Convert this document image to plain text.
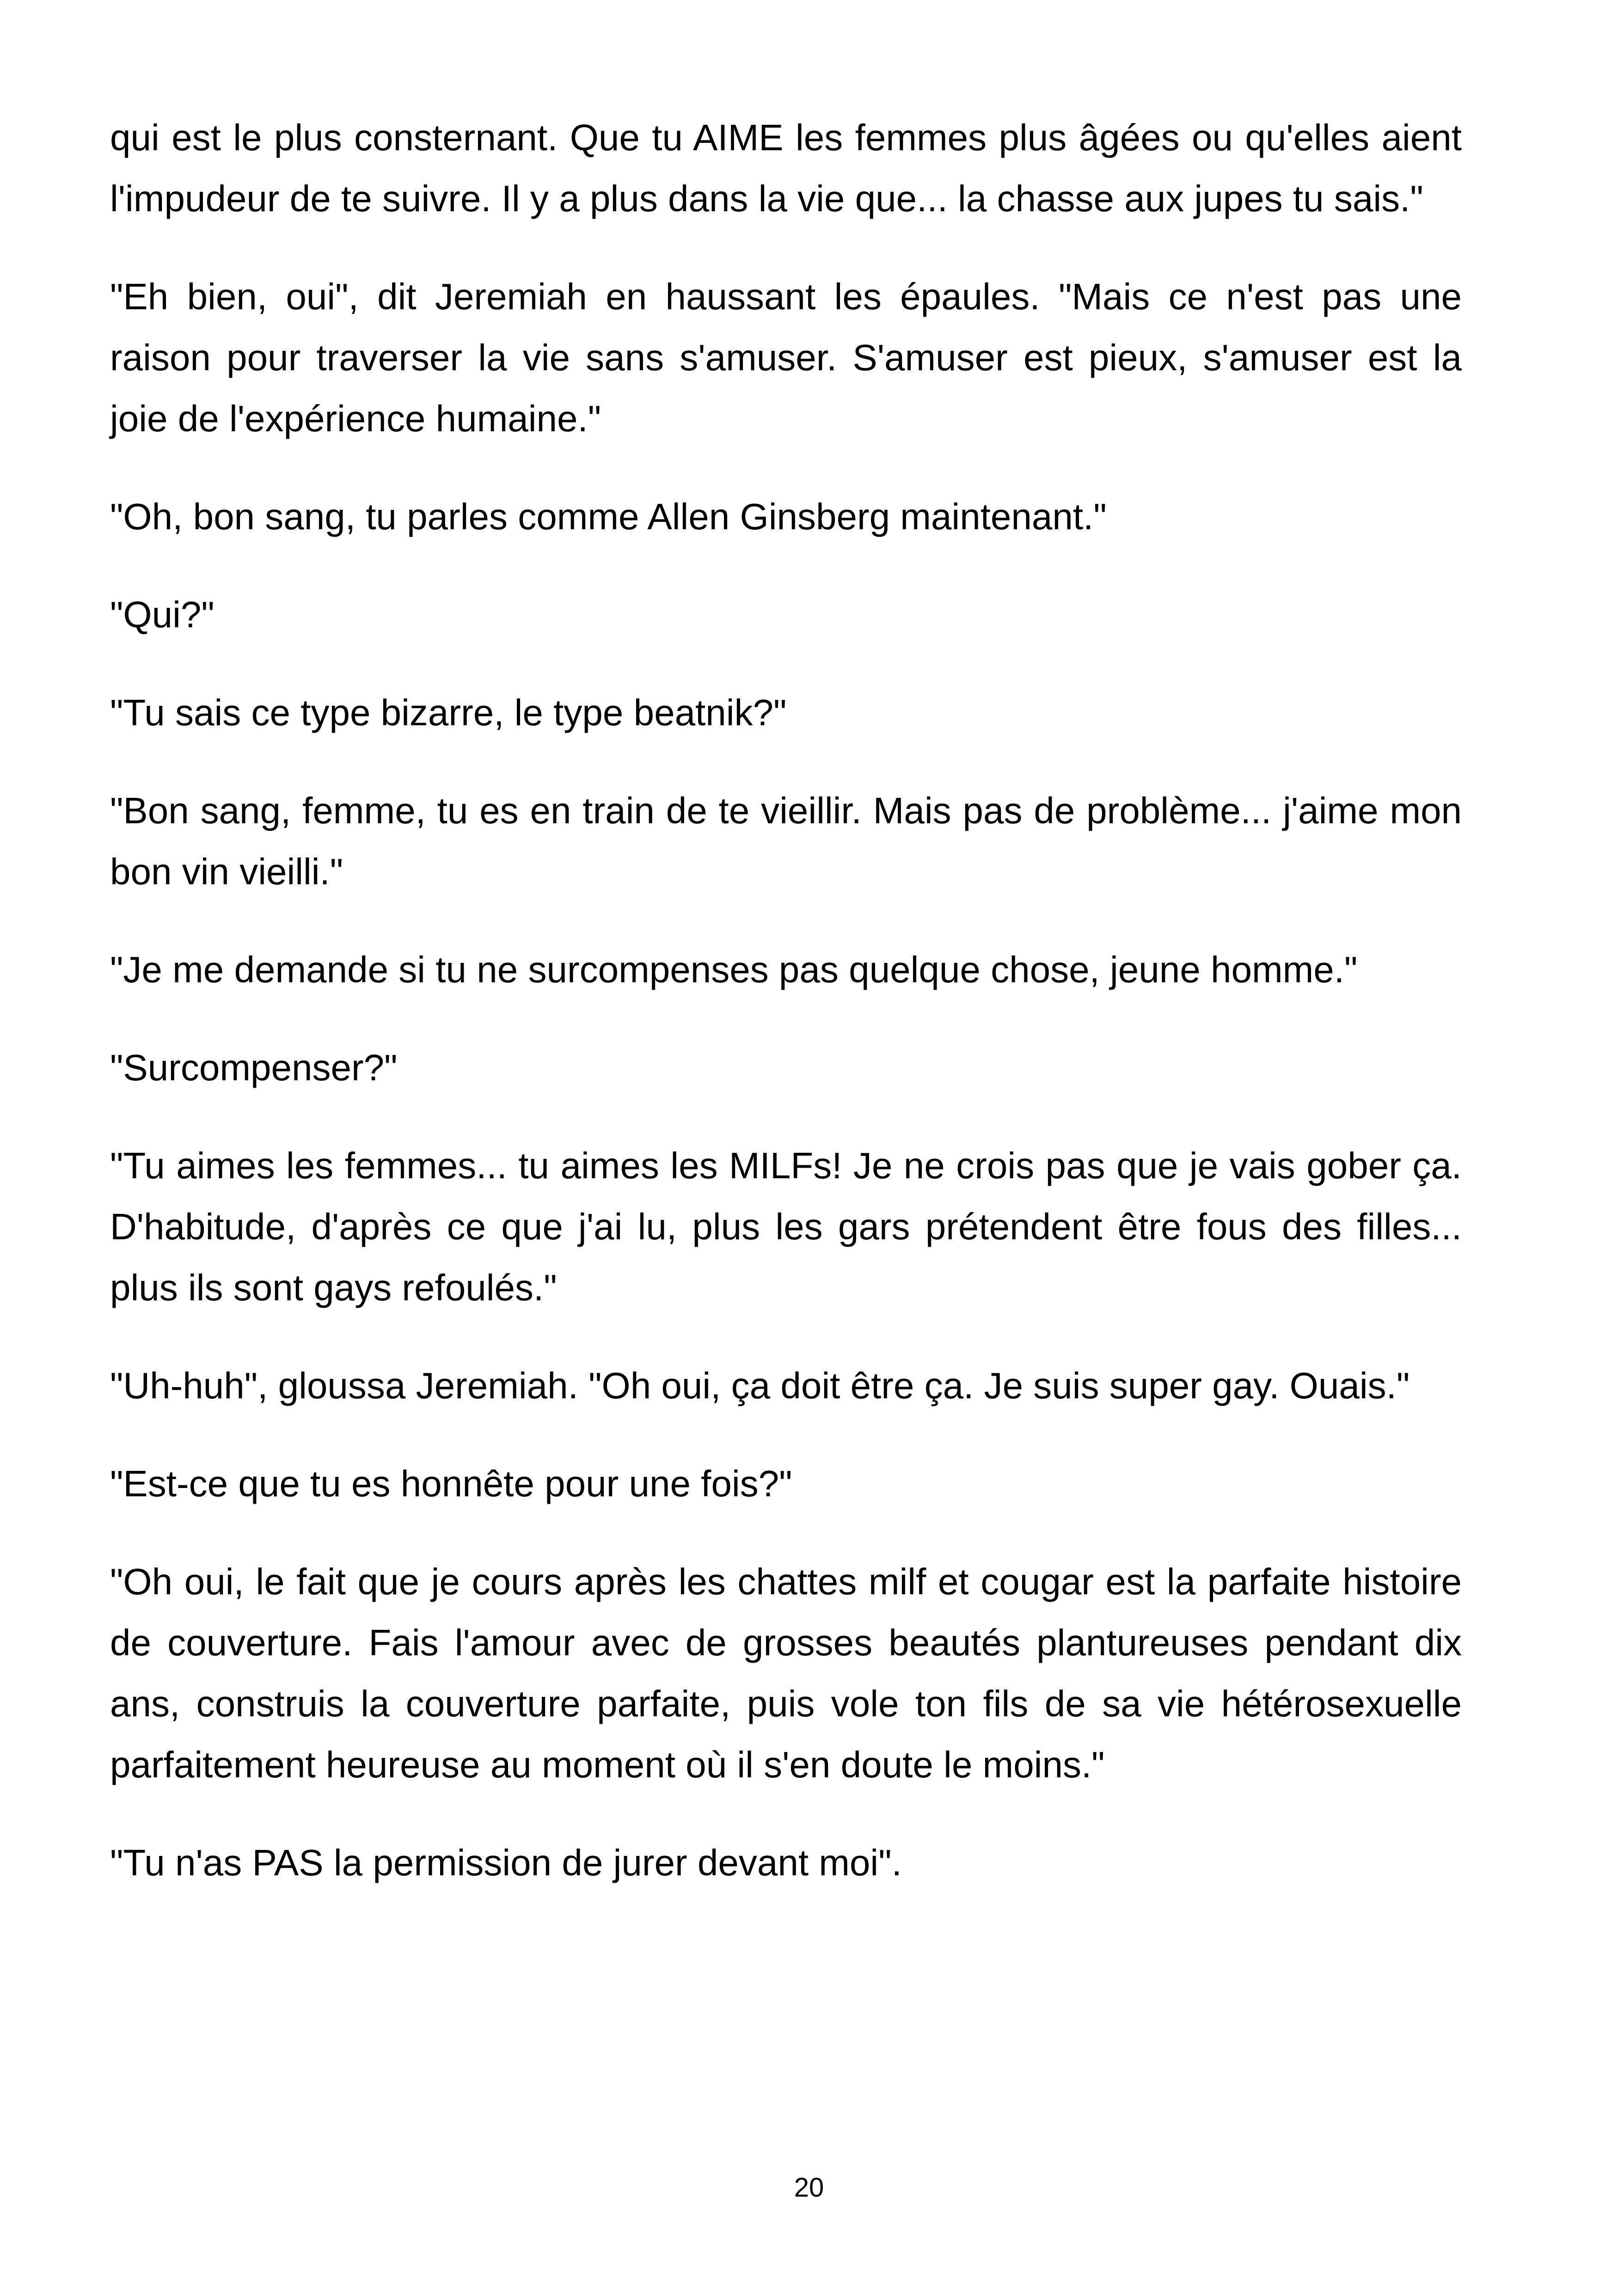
qui est le plus consternant. Que tu AIME les femmes plus âgées ou qu'elles aient l'impudeur de te suivre. Il y a plus dans la vie que... la chasse aux jupes tu sais."

"Eh bien, oui", dit Jeremiah en haussant les épaules. "Mais ce n'est pas une raison pour traverser la vie sans s'amuser. S'amuser est pieux, s'amuser est la joie de l'expérience humaine."

"Oh, bon sang, tu parles comme Allen Ginsberg maintenant."

"Qui?"

"Tu sais ce type bizarre, le type beatnik?"

"Bon sang, femme, tu es en train de te vieillir. Mais pas de problème... j'aime mon bon vin vieilli."

"Je me demande si tu ne surcompenses pas quelque chose, jeune homme."

"Surcompenser?"

"Tu aimes les femmes... tu aimes les MILFs! Je ne crois pas que je vais gober ça. D'habitude, d'après ce que j'ai lu, plus les gars prétendent être fous des filles... plus ils sont gays refoulés."

"Uh-huh", gloussa Jeremiah. "Oh oui, ça doit être ça. Je suis super gay. Ouais."

"Est-ce que tu es honnête pour une fois?"

"Oh oui, le fait que je cours après les chattes milf et cougar est la parfaite histoire de couverture. Fais l'amour avec de grosses beautés plantureuses pendant dix ans, construis la couverture parfaite, puis vole ton fils de sa vie hétérosexuelle parfaitement heureuse au moment où il s'en doute le moins."

"Tu n'as PAS la permission de jurer devant moi".

20
